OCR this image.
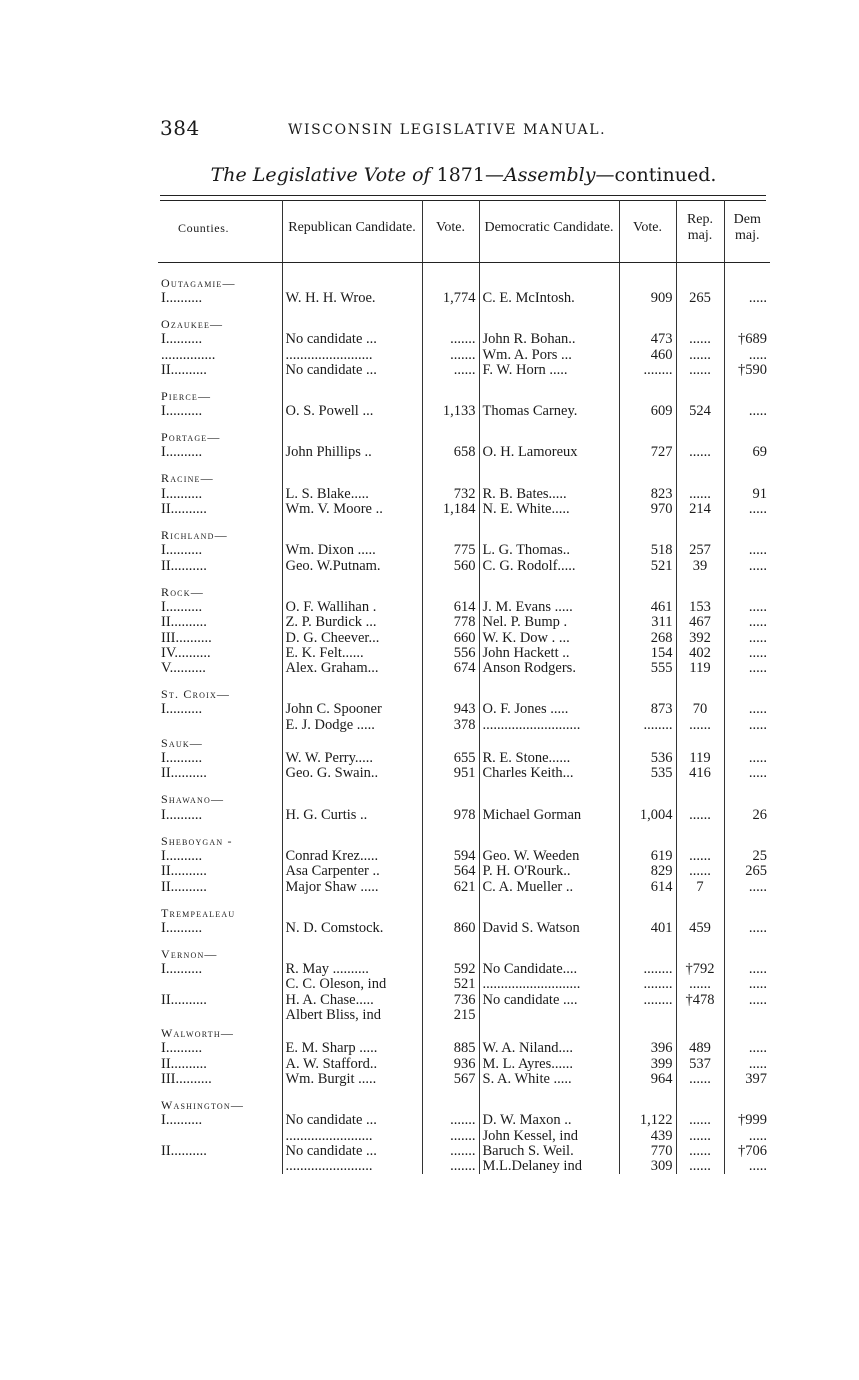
384	WISCONSIN LEGISLATIVE MANUAL.
The Legislative Vote of 1871—Assembly—continued.
Counties.	Republican Candidate.	Vote.	Democratic Candidate.	Vote.	Rep. maj.	Dem maj.

Outagamie—						
I..........	W. H. H. Wroe.	1,774	C. E. McIntosh.	909	265	.....

Ozaukee—						
I..........	No candidate ...	.......	John R. Bohan..	473	......	†689
...............	........................	.......	Wm. A. Pors ...	460	......	.....
II..........	No candidate ...	......	F. W. Horn .....	........	......	†590

Pierce—						
I..........	O. S. Powell ...	1,133	Thomas Carney.	609	524	.....

Portage—						
I..........	John Phillips ..	658	O. H. Lamoreux	727	......	69

Racine—						
I..........	L. S. Blake.....	732	R. B. Bates.....	823	......	91
II..........	Wm. V. Moore ..	1,184	N. E. White.....	970	214	.....

Richland—						
I..........	Wm. Dixon .....	775	L. G. Thomas..	518	257	.....
II..........	Geo. W.Putnam.	560	C. G. Rodolf.....	521	39	.....

Rock—						
I..........	O. F. Wallihan .	614	J. M. Evans .....	461	153	.....
II..........	Z. P. Burdick ...	778	Nel. P. Bump .	311	467	.....
III..........	D. G. Cheever...	660	W. K. Dow . ...	268	392	.....
IV..........	E. K. Felt......	556	John Hackett ..	154	402	.....
V..........	Alex. Graham...	674	Anson Rodgers.	555	119	.....

St. Croix—						
I..........	John C. Spooner	943	O. F. Jones .....	873	70	.....
	E. J. Dodge .....	378	...........................	........	......	.....
Sauk—						
I..........	W. W. Perry.....	655	R. E. Stone......	536	119	.....
II..........	Geo. G. Swain..	951	Charles Keith...	535	416	.....

Shawano—						
I..........	H. G. Curtis ..	978	Michael Gorman	1,004	......	26

Sheboygan -						
I..........	Conrad Krez.....	594	Geo. W. Weeden	619	......	25
II..........	Asa Carpenter ..	564	P. H. O'Rourk..	829	......	265
II..........	Major Shaw .....	621	C. A. Mueller ..	614	7	.....

Trempealeau						
I..........	N. D. Comstock.	860	David S. Watson	401	459	.....

Vernon—						
I..........	R. May ..........	592	No Candidate....	........	†792	.....
	C. C. Oleson, ind	521	...........................	........	......	.....
II..........	H. A. Chase.....	736	No candidate ....	........	†478	.....
	Albert Bliss, ind	215				
Walworth—						
I..........	E. M. Sharp .....	885	W. A. Niland....	396	489	.....
II..........	A. W. Stafford..	936	M. L. Ayres......	399	537	.....
III..........	Wm. Burgit .....	567	S. A. White .....	964	......	397

Washington—						
I..........	No candidate ...	.......	D. W. Maxon ..	1,122	......	†999
	........................	.......	John Kessel, ind	439	......	.....
II..........	No candidate ...	.......	Baruch S. Weil.	770	......	†706
	........................	.......	M.L.Delaney ind	309	......	.....
